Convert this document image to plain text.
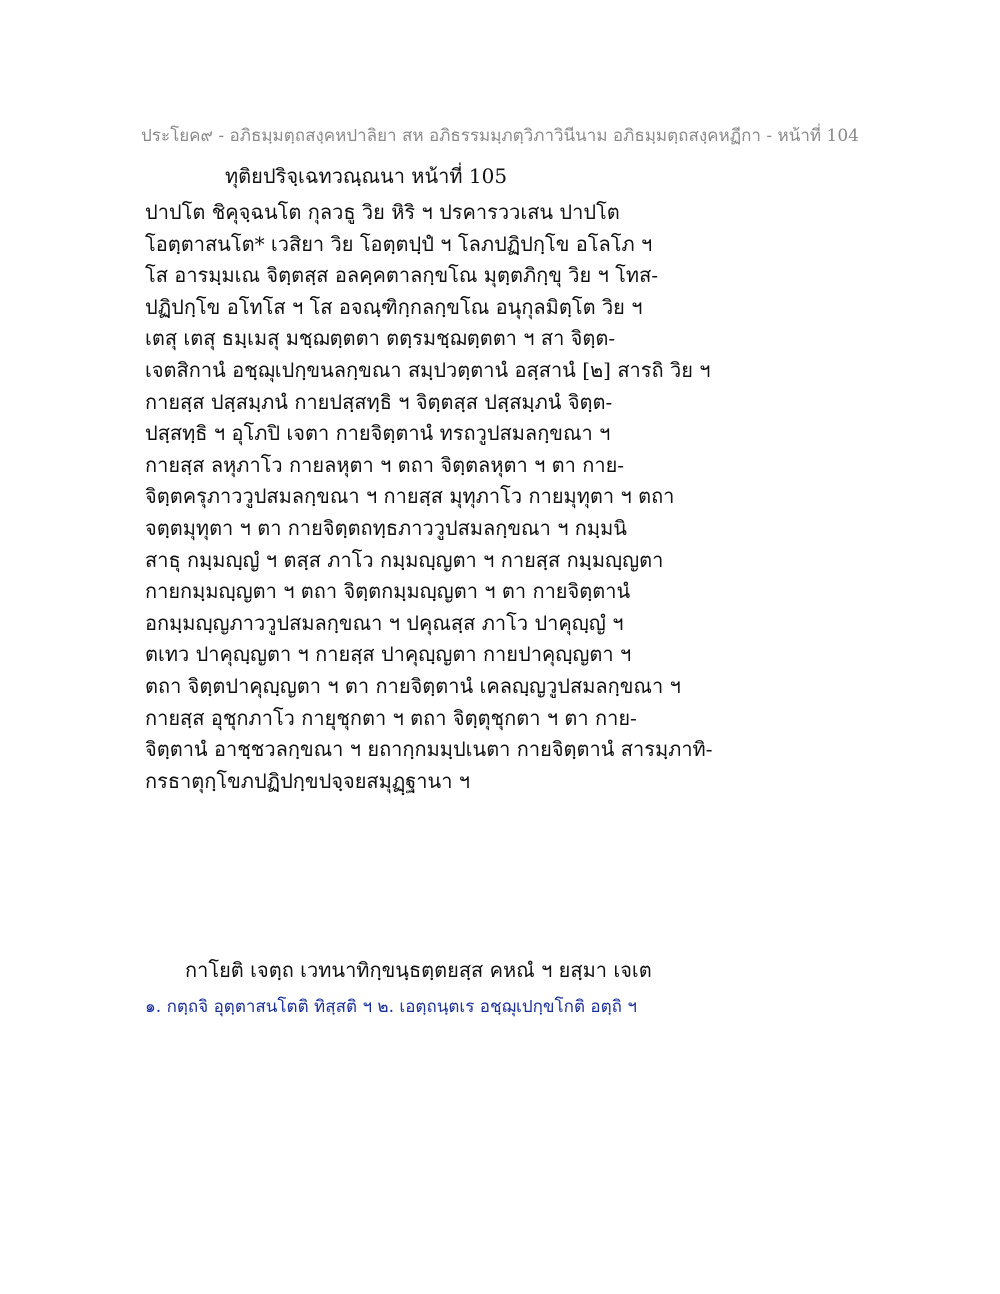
ประโยค๙ - อภิธมฺมตฺถสงฺคหปาลิยา สห อภิธรรมมฺภตฺวิภาวินีนาม อภิธมฺมตฺถสงฺคหฏีกา - หน้าที่ 104
ทุติยปริจฺเฉทวณฺณนา หน้าที่ 105
ปาปโต ชิคุจฺฉนโต กุลวธู วิย หิริ ฯ ปรคารววเสน ปาปโต
โอตฺตาสนโต* เวสิยา วิย โอตฺตปฺปํ ฯ โลภปฏิปกฺโข อโลโภ ฯ
โส อารมฺมเณ จิตฺตสฺส อลคฺคตาลกฺขโณ มุตฺตภิกฺขุ วิย ฯ โทส-
ปฏิปกฺโข อโทโส ฯ โส อจณฺฑิกฺกลกฺขโณ อนุกุลมิตฺโต วิย ฯ
เตสุ เตสุ ธมฺเมสุ มชฺฌตฺตตา ตตฺรมชฺฌตฺตตา ฯ สา จิตฺต-
เจตสิกานํ อชฺฌุเปกฺขนลกฺขณา สมฺปวตฺตานํ อสฺสานํ [๒] สารถิ วิย ฯ
กายสฺส ปสฺสมฺภนํ กายปสฺสทฺธิ ฯ จิตฺตสฺส ปสฺสมฺภนํ จิตฺต-
ปสฺสทฺธิ ฯ อุโภปิ เจตา กายจิตฺตานํ ทรถวูปสมลกฺขณา ฯ
กายสฺส ลหุภาโว กายลหุตา ฯ ตถา จิตฺตลหุตา ฯ ตา กาย-
จิตฺตครุภาววูปสมลกฺขณา ฯ กายสฺส มุทุภาโว กายมุทุตา ฯ ตถา
จตฺตมุทุตา ฯ ตา กายจิตฺตถทฺธภาววูปสมลกฺขณา ฯ กมฺมนิ
สาธุ กมฺมญฺญํ ฯ ตสฺส ภาโว กมฺมญฺญตา ฯ กายสฺส กมฺมญฺญตา
กายกมฺมญฺญตา ฯ ตถา จิตฺตกมฺมญฺญตา ฯ ตา กายจิตฺตานํ
อกมฺมญฺญภาววูปสมลกฺขณา ฯ ปคุณสฺส ภาโว ปาคุญฺญํ ฯ
ตเทว ปาคุญฺญตา ฯ กายสฺส ปาคุญฺญตา กายปาคุญฺญตา ฯ
ตถา จิตฺตปาคุญฺญตา ฯ ตา กายจิตฺตานํ เคลญฺญวูปสมลกฺขณา ฯ
กายสฺส อุชุกภาโว กายุชุกตา ฯ ตถา จิตฺตุชุกตา ฯ ตา กาย-
จิตฺตานํ อาชฺชวลกฺขณา ฯ ยถากฺกมมฺปเนตา กายจิตฺตานํ สารมฺภาทิ-
กรธาตุกฺโขภปฏิปกฺขปจฺจยสมุฏฺฐานา ฯ
กาโยติ เจตฺถ เวทนาทิกฺขนฺธตฺตยสฺส คหณํ ฯ ยสฺมา เจเต
๑. กตฺถจิ อุตฺตาสนโตติ ทิสฺสติ ฯ ๒. เอตฺถนฺตเร อชฺฌุเปกฺขโกติ อตฺถิ ฯ
